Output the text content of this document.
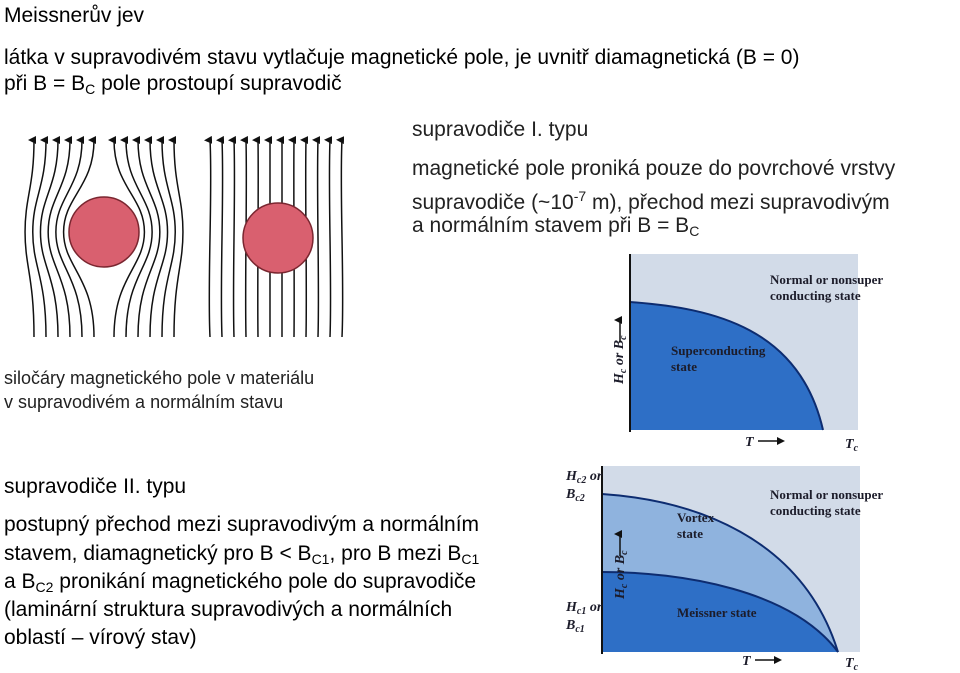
Meissnerův jev
látka v supravodivém stavu vytlačuje magnetické pole, je uvnitř diamagnetická (B = 0)
při $B = B_C$ pole prostoupí supravodič
supravodiče I. typu
magnetické pole proniká pouze do povrchové vrstvy
supravodiče ($\sim 10^{-7}$ m), přechod mezi supravodivým
a normálním stavem při $B = B_C$
siločáry magnetického pole v materiálu
v supravodivém a normálním stavu
Normal or nonsuper
conducting state
Superconducting
state
$H_c$ or $B_c$
T	$T_c$
supravodiče II. typu
postupný přechod mezi supravodivým a normálním
stavem, diamagnetický pro $B < B_{C1}$, pro B mezi $B_{C1}$
a $B_{C2}$ pronikání magnetického pole do supravodiče
(laminární struktura supravodivých a normálních
oblastí – vírový stav)
Normal or nonsuper
conducting state
Vortex
state
Meissner state
$H_{c2}$ or
$B_{c2}$
$H_{c1}$ or
$B_{c1}$
$H_c$ or $B_c$
T	$T_c$
